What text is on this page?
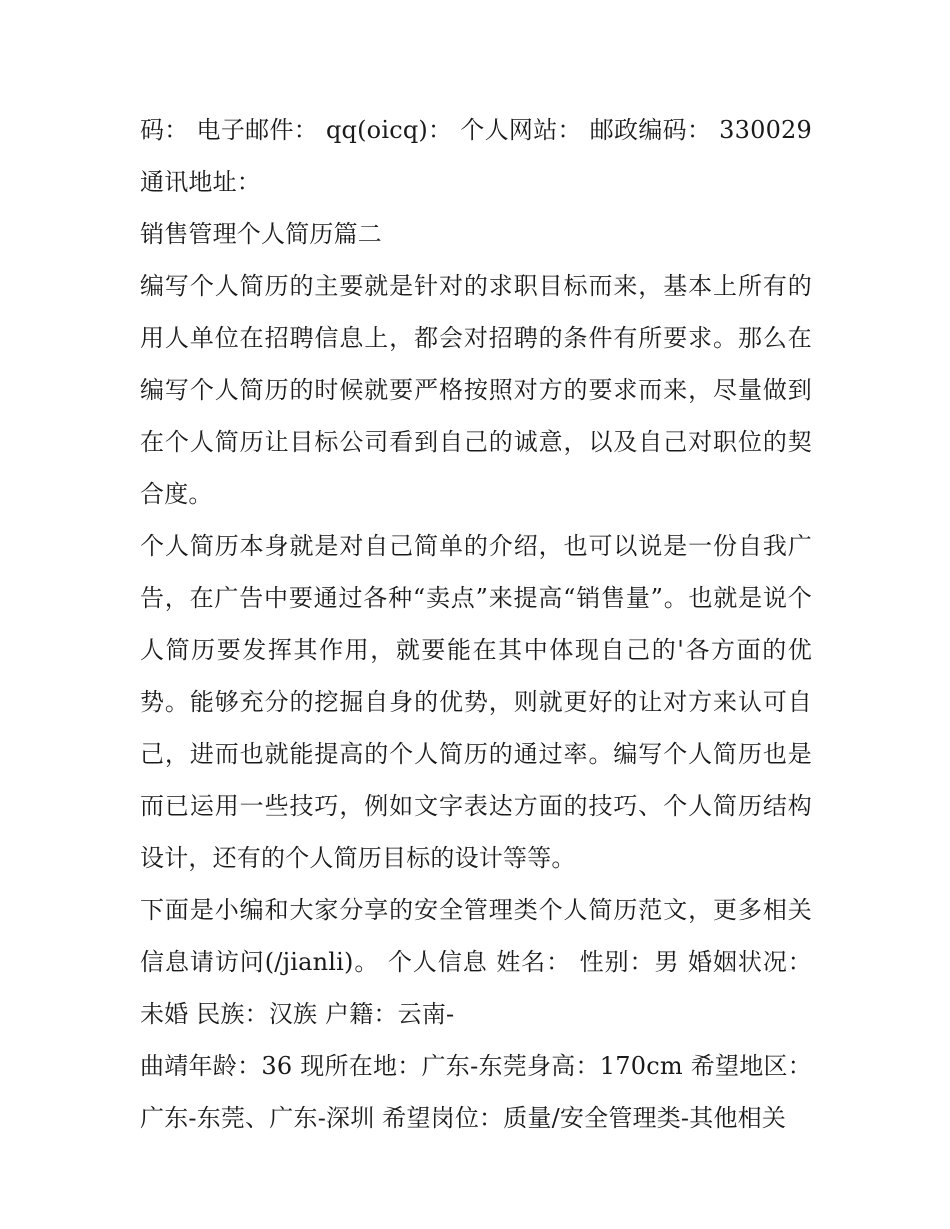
码： 电子邮件： qq(oicq)： 个人网站： 邮政编码： 330029 通讯地址：

销售管理个人简历篇二

编写个人简历的主要就是针对的求职目标而来，基本上所有的用人单位在招聘信息上，都会对招聘的条件有所要求。那么在编写个人简历的时候就要严格按照对方的要求而来，尽量做到在个人简历让目标公司看到自己的诚意，以及自己对职位的契合度。

个人简历本身就是对自己简单的介绍，也可以说是一份自我广告，在广告中要通过各种“卖点”来提高“销售量”。也就是说个人简历要发挥其作用，就要能在其中体现自己的'各方面的优势。能够充分的挖掘自身的优势，则就更好的让对方来认可自己，进而也就能提高的个人简历的通过率。编写个人简历也是而已运用一些技巧，例如文字表达方面的技巧、个人简历结构设计，还有的个人简历目标的设计等等。

下面是小编和大家分享的安全管理类个人简历范文，更多相关信息请访问(/jianli)。 个人信息 姓名： 性别：男 婚姻状况：未婚 民族：汉族 户籍：云南-

曲靖年龄：36 现所在地：广东-东莞身高：170cm 希望地区：广东-东莞、广东-深圳 希望岗位：质量/安全管理类-其他相关
